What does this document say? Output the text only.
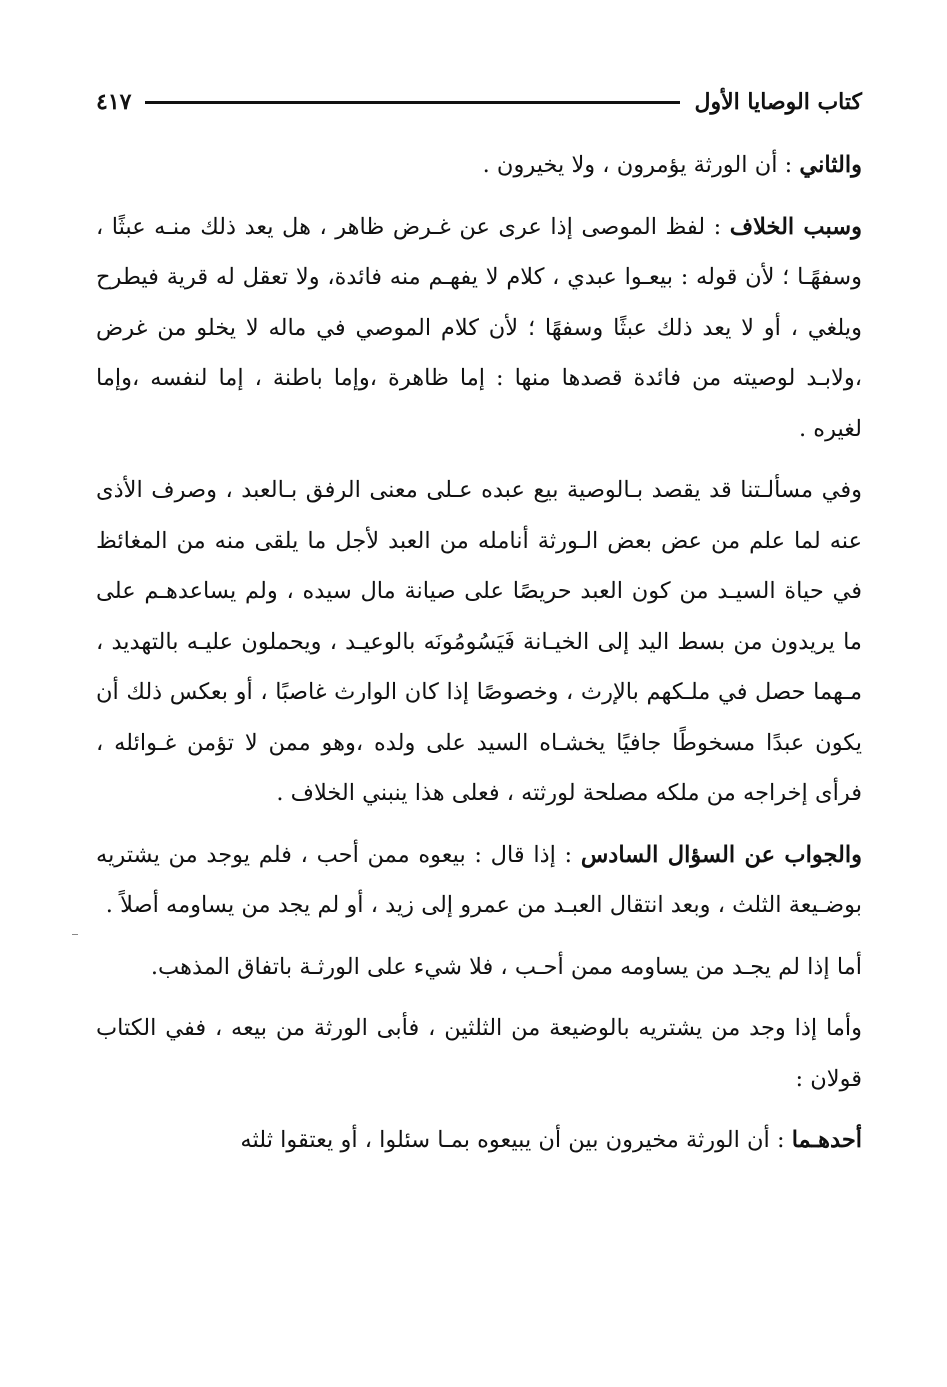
كتاب الوصايا الأول
٤١٧

والثاني : أن الورثة يؤمرون ، ولا يخيرون .

وسبب الخلاف : لفظ الموصى إذا عرى عن غـرض ظاهر ، هل يعد ذلك منـه عبثًا ، وسفهًـا ؛ لأن قوله : بيعـوا عبدي ، كلام لا يفهـم منه فائدة، ولا تعقل له قرية فيطرح ويلغي ، أو لا يعد ذلك عبثًا وسفهًا ؛ لأن كلام الموصي في ماله لا يخلو من غرض ،ولابـد لوصيته من فائدة قصدها منها : إما ظاهرة ،وإما باطنة ، إما لنفسه ،وإما لغيره .

وفي مسألـتنا قد يقصد بـالوصية بيع عبده عـلى معنى الرفق بـالعبد ، وصرف الأذى عنه لما علم من عض بعض الـورثة أنامله من العبد لأجل ما يلقى منه من المغائظ في حياة السيـد من كون العبد حريصًا على صيانة مال سيده ، ولم يساعدهـم على ما يريدون من بسط اليد إلى الخيـانة فَيَسُومُونَه بالوعيـد ، ويحملون عليـه بالتهديد ، مـهما حصل في ملـكهم بالإرث ، وخصوصًا إذا كان الوارث غاصبًا ، أو بعكس ذلك أن يكون عبدًا مسخوطًا جافيًا يخشـاه السيد على ولده ،وهو ممن لا تؤمن غـوائله ، فرأى إخراجه من ملكه مصلحة لورثته ، فعلى هذا ينبني الخلاف .

والجواب عن السؤال السادس : إذا قال : بيعوه ممن أحب ، فلم يوجد من يشتريه بوضـيعة الثلث ، وبعد انتقال العبـد من عمرو إلى زيد ، أو لم يجد من يساومه أصلاً .

أما إذا لم يجـد من يساومه ممن أحـب ، فلا شيء على الورثـة باتفاق المذهب.

وأما إذا وجد من يشتريه بالوضيعة من الثلثين ، فأبى الورثة من بيعه ، ففي الكتاب قولان :

أحدهـما : أن الورثة مخيرون بين أن يبيعوه بمـا سئلوا ، أو يعتقوا ثلثه
